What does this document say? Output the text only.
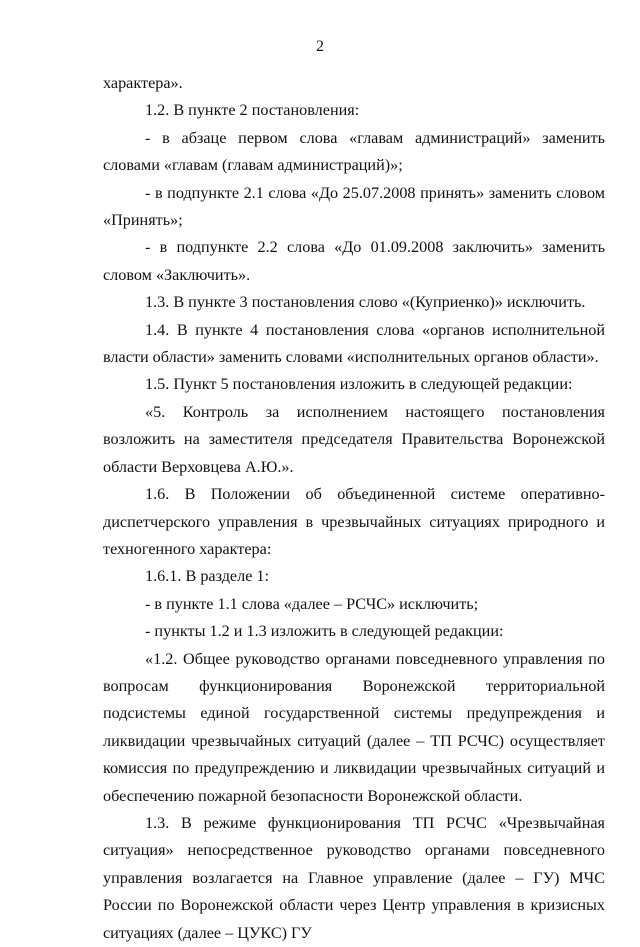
2

характера».

1.2. В пункте 2 постановления:

- в абзаце первом слова «главам администраций» заменить словами «главам (главам администраций)»;

- в подпункте 2.1 слова «До 25.07.2008 принять» заменить словом «Принять»;

- в подпункте 2.2 слова «До 01.09.2008 заключить» заменить словом «Заключить».

1.3. В пункте 3 постановления слово «(Куприенко)» исключить.

1.4. В пункте 4 постановления слова «органов исполнительной власти области» заменить словами «исполнительных органов области».

1.5. Пункт 5 постановления изложить в следующей редакции:

«5. Контроль за исполнением настоящего постановления возложить на заместителя председателя Правительства Воронежской области Верховцева А.Ю.».

1.6. В Положении об объединенной системе оперативно-диспетчерского управления в чрезвычайных ситуациях природного и техногенного характера:

1.6.1. В разделе 1:

- в пункте 1.1 слова «далее – РСЧС» исключить;

- пункты 1.2 и 1.3 изложить в следующей редакции:

«1.2. Общее руководство органами повседневного управления по вопросам функционирования Воронежской территориальной подсистемы единой государственной системы предупреждения и ликвидации чрезвычайных ситуаций (далее – ТП РСЧС) осуществляет комиссия по предупреждению и ликвидации чрезвычайных ситуаций и обеспечению пожарной безопасности Воронежской области.

1.3. В режиме функционирования ТП РСЧС «Чрезвычайная ситуация» непосредственное руководство органами повседневного управления возлагается на Главное управление (далее – ГУ) МЧС России по Воронежской области через Центр управления в кризисных ситуациях (далее – ЦУКС) ГУ
